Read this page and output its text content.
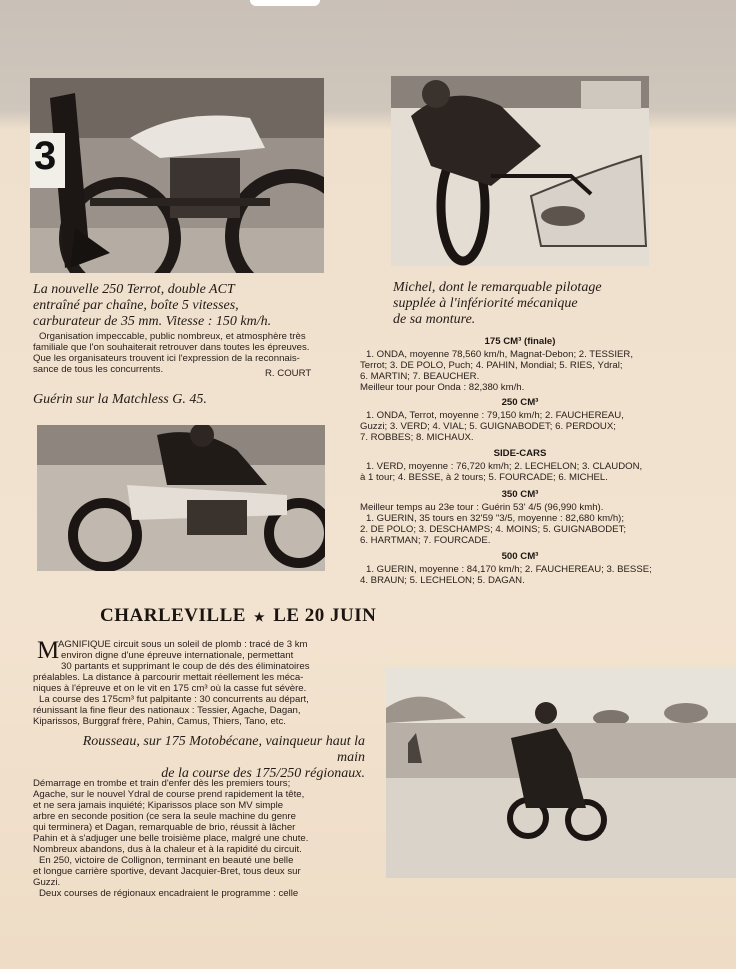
3
La nouvelle 250 Terrot, double ACT
entraîné par chaîne, boîte 5 vitesses,
carburateur de 35 mm. Vitesse : 150 km/h.
Michel, dont le remarquable pilotage
supplée à l'infériorité mécanique
de sa monture.
Organisation impeccable, public nombreux, et atmosphère très
familiale que l'on souhaiterait retrouver dans toutes les épreuves.
Que les organisateurs trouvent ici l'expression de la reconnais-
sance de tous les concurrents.	R. COURT
Guérin sur la Matchless G. 45.
175 CM³ (finale)
1. ONDA, moyenne 78,560 km/h, Magnat-Debon; 2. TESSIER,
Terrot; 3. DE POLO, Puch; 4. PAHIN, Mondial; 5. RIES, Ydral;
6. MARTIN; 7. BEAUCHER.
Meilleur tour pour Onda : 82,380 km/h.
250 CM³
1. ONDA, Terrot, moyenne : 79,150 km/h; 2. FAUCHEREAU,
Guzzi; 3. VERD; 4. VIAL; 5. GUIGNABODET; 6. PERDOUX;
7. ROBBES; 8. MICHAUX.
SIDE-CARS
1. VERD, moyenne : 76,720 km/h; 2. LECHELON; 3. CLAUDON,
à 1 tour; 4. BESSE, à 2 tours; 5. FOURCADE; 6. MICHEL.
350 CM³
Meilleur temps au 23e tour : Guérin 53' 4/5 (96,990 kmh).
1. GUERIN, 35 tours en 32'59 "3/5, moyenne : 82,680 km/h);
2. DE POLO; 3. DESCHAMPS; 4. MOINS; 5. GUIGNABODET;
6. HARTMAN; 7. FOURCADE.
500 CM³
1. GUERIN, moyenne : 84,170 km/h; 2. FAUCHEREAU; 3. BESSE;
4. BRAUN; 5. LECHELON; 5. DAGAN.
CHARLEVILLE ★ LE 20 JUIN
M
AGNIFIQUE circuit sous un soleil de plomb : tracé de 3 km
environ digne d'une épreuve internationale, permettant
30 partants et supprimant le coup de dés des éliminatoires
préalables. La distance à parcourir mettait réellement les méca-
niques à l'épreuve et on le vit en 175 cm³ où la casse fut sévère.
La course des 175cm³ fut palpitante : 30 concurrents au départ,
réunissant la fine fleur des nationaux : Tessier, Agache, Dagan,
Kiparissos, Burggraf frère, Pahin, Camus, Thiers, Tano, etc.
Rousseau, sur 175 Motobécane, vainqueur haut la main
de la course des 175/250 régionaux.
Démarrage en trombe et train d'enfer dès les premiers tours;
Agache, sur le nouvel Ydral de course prend rapidement la tête,
et ne sera jamais inquiété; Kiparissos place son MV simple
arbre en seconde position (ce sera la seule machine du genre
qui terminera) et Dagan, remarquable de brio, réussit à lâcher
Pahin et à s'adjuger une belle troisième place, malgré une chute.
Nombreux abandons, dus à la chaleur et à la rapidité du circuit.
En 250, victoire de Collignon, terminant en beauté une belle
et longue carrière sportive, devant Jacquier-Bret, tous deux sur
Guzzi.
Deux courses de régionaux encadraient le programme : celle
